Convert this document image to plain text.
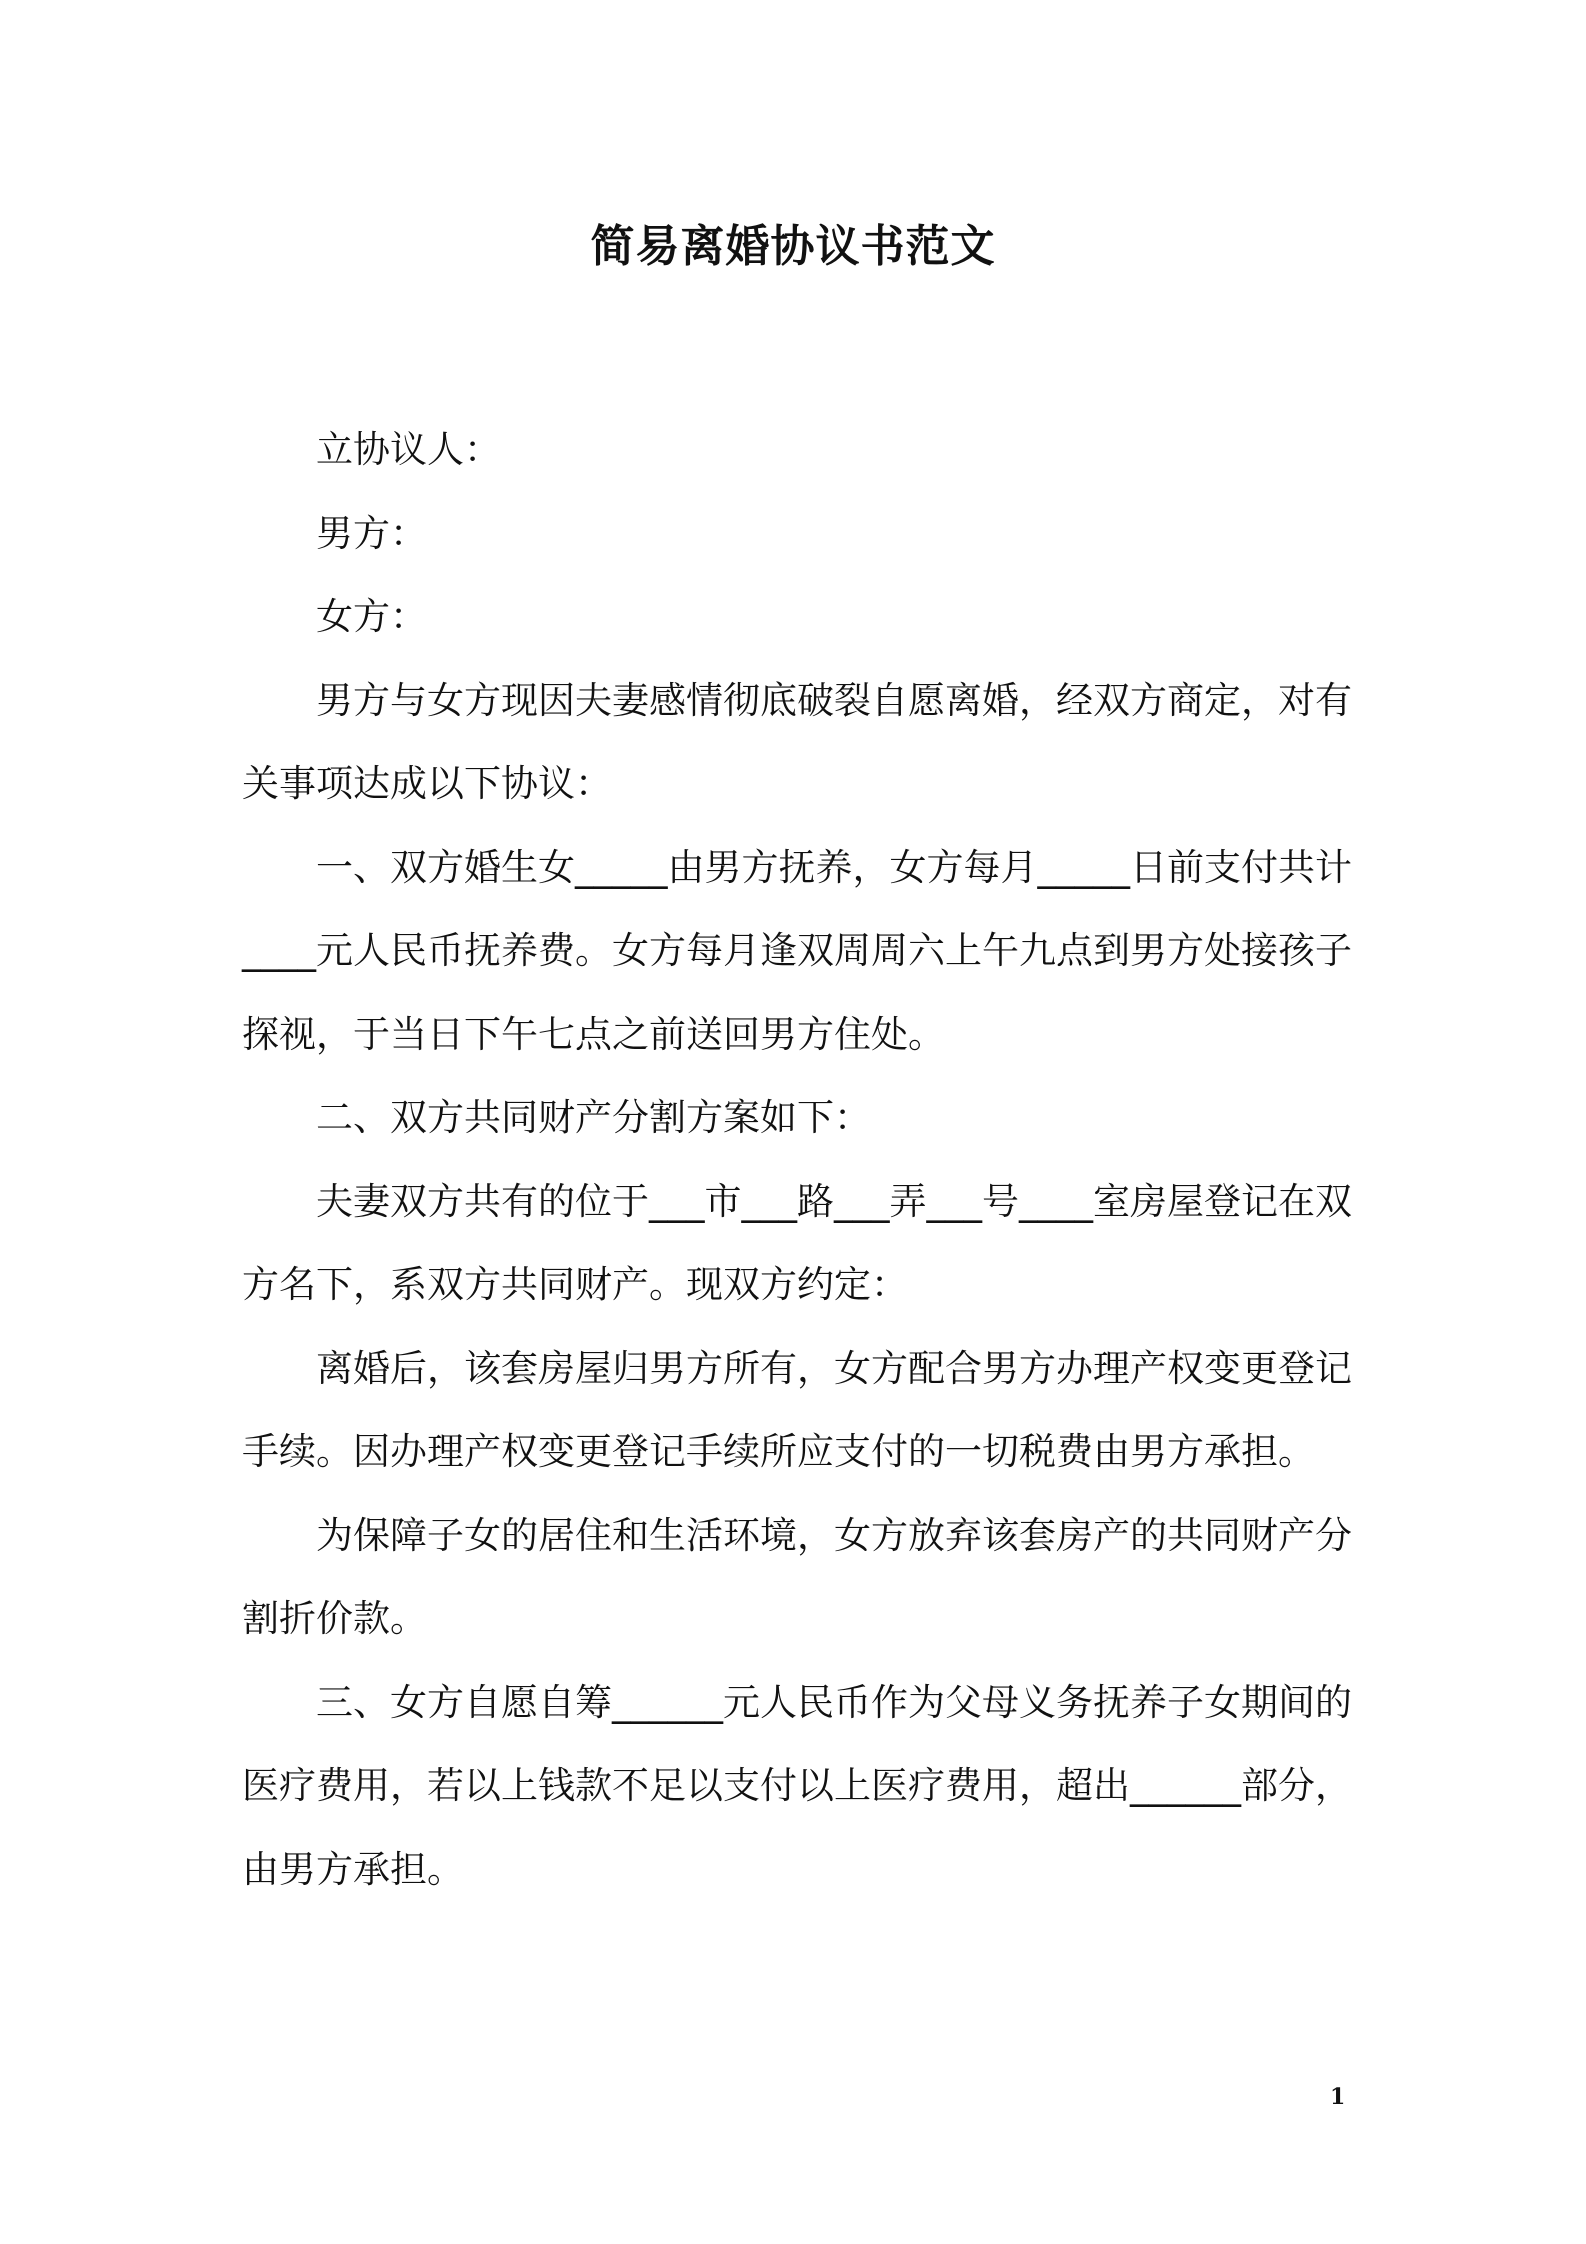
简易离婚协议书范文

立协议人：

男方：

女方：

男方与女方现因夫妻感情彻底破裂自愿离婚，经双方商定，对有关事项达成以下协议：

一、双方婚生女_____由男方抚养，女方每月_____日前支付共计____元人民币抚养费。女方每月逢双周周六上午九点到男方处接孩子探视，于当日下午七点之前送回男方住处。

二、双方共同财产分割方案如下：

夫妻双方共有的位于___市___路___弄___号____室房屋登记在双方名下，系双方共同财产。现双方约定：

离婚后，该套房屋归男方所有，女方配合男方办理产权变更登记手续。因办理产权变更登记手续所应支付的一切税费由男方承担。

为保障子女的居住和生活环境，女方放弃该套房产的共同财产分割折价款。

三、女方自愿自筹______元人民币作为父母义务抚养子女期间的医疗费用，若以上钱款不足以支付以上医疗费用，超出______部分，由男方承担。

1
